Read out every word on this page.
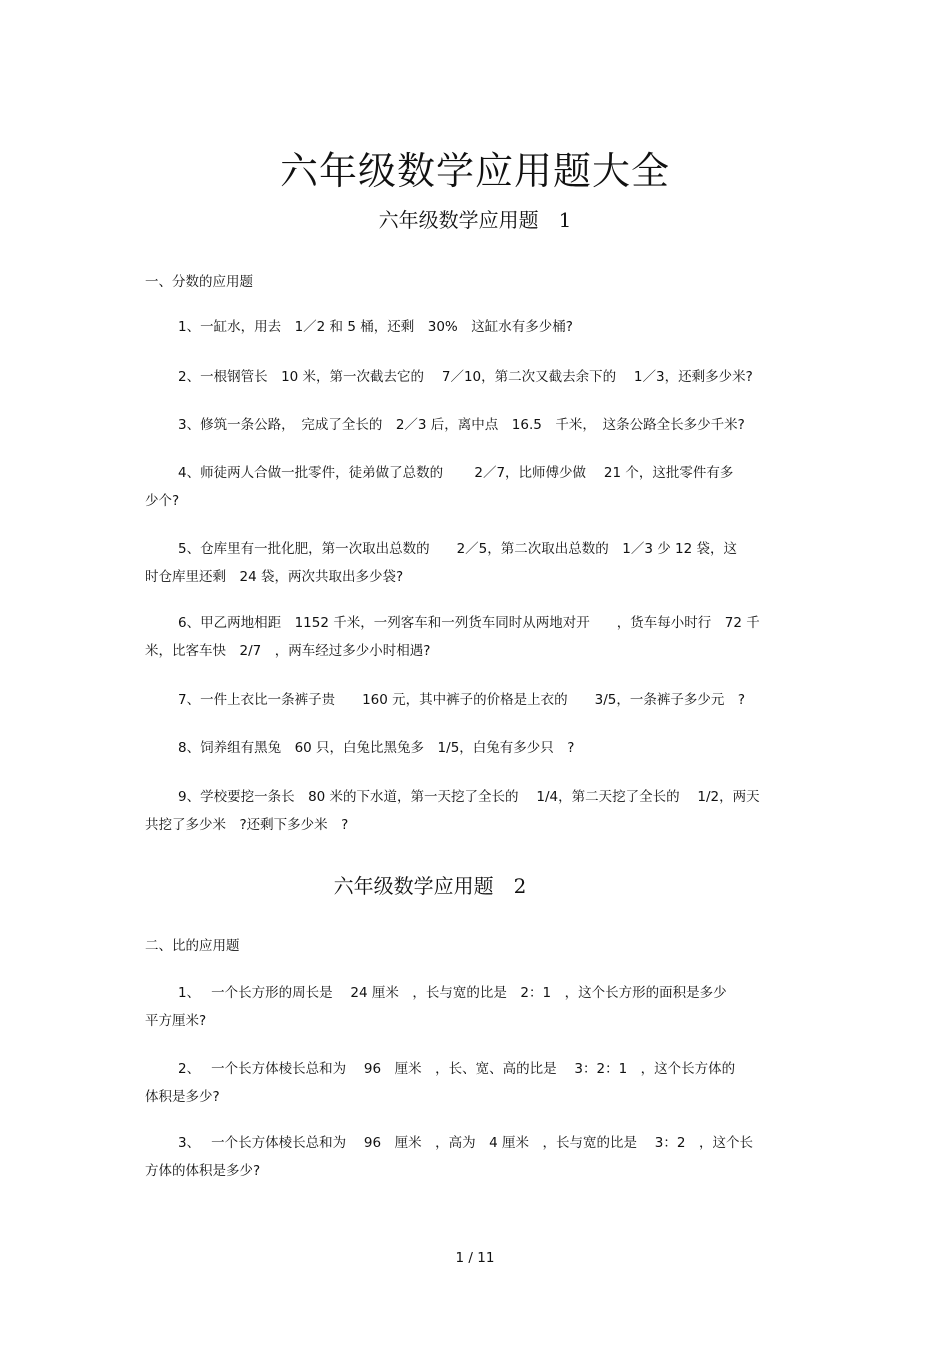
六年级数学应用题大全
六年级数学应用题　1
一、分数的应用题
1、一缸水，用去　1／2 和 5 桶，还剩　30%　这缸水有多少桶?
2、一根钢管长　10 米，第一次截去它的　 7／10，第二次又截去余下的　 1／3，还剩多少米?
3、修筑一条公路，　完成了全长的　2／3 后，离中点　16.5　千米，　这条公路全长多少千米?
4、师徒两人合做一批零件，徒弟做了总数的　　 2／7，比师傅少做　 21 个，这批零件有多
少个?
5、仓库里有一批化肥，第一次取出总数的　　2／5，第二次取出总数的　1／3 少 12 袋，这
时仓库里还剩　24 袋，两次共取出多少袋?
6、甲乙两地相距　1152 千米，一列客车和一列货车同时从两地对开　　，货车每小时行　72 千
米，比客车快　2/7　，两车经过多少小时相遇?
7、一件上衣比一条裤子贵　　160 元，其中裤子的价格是上衣的　　3/5，一条裤子多少元　?
8、饲养组有黑兔　60 只，白兔比黑兔多　1/5，白兔有多少只　?
9、学校要挖一条长　80 米的下水道，第一天挖了全长的　 1/4，第二天挖了全长的　 1/2，两天
共挖了多少米　?还剩下多少米　?
六年级数学应用题　2
二、比的应用题
1、　 一个长方形的周长是　 24 厘米　，长与宽的比是　2：1　，这个长方形的面积是多少
平方厘米?
2、　 一个长方体棱长总和为　 96　厘米　，长、宽、高的比是　 3：2：1　，这个长方体的
体积是多少?
3、　 一个长方体棱长总和为　 96　厘米　，高为　4 厘米　，长与宽的比是　 3：2　，这个长
方体的体积是多少?
1 / 11
